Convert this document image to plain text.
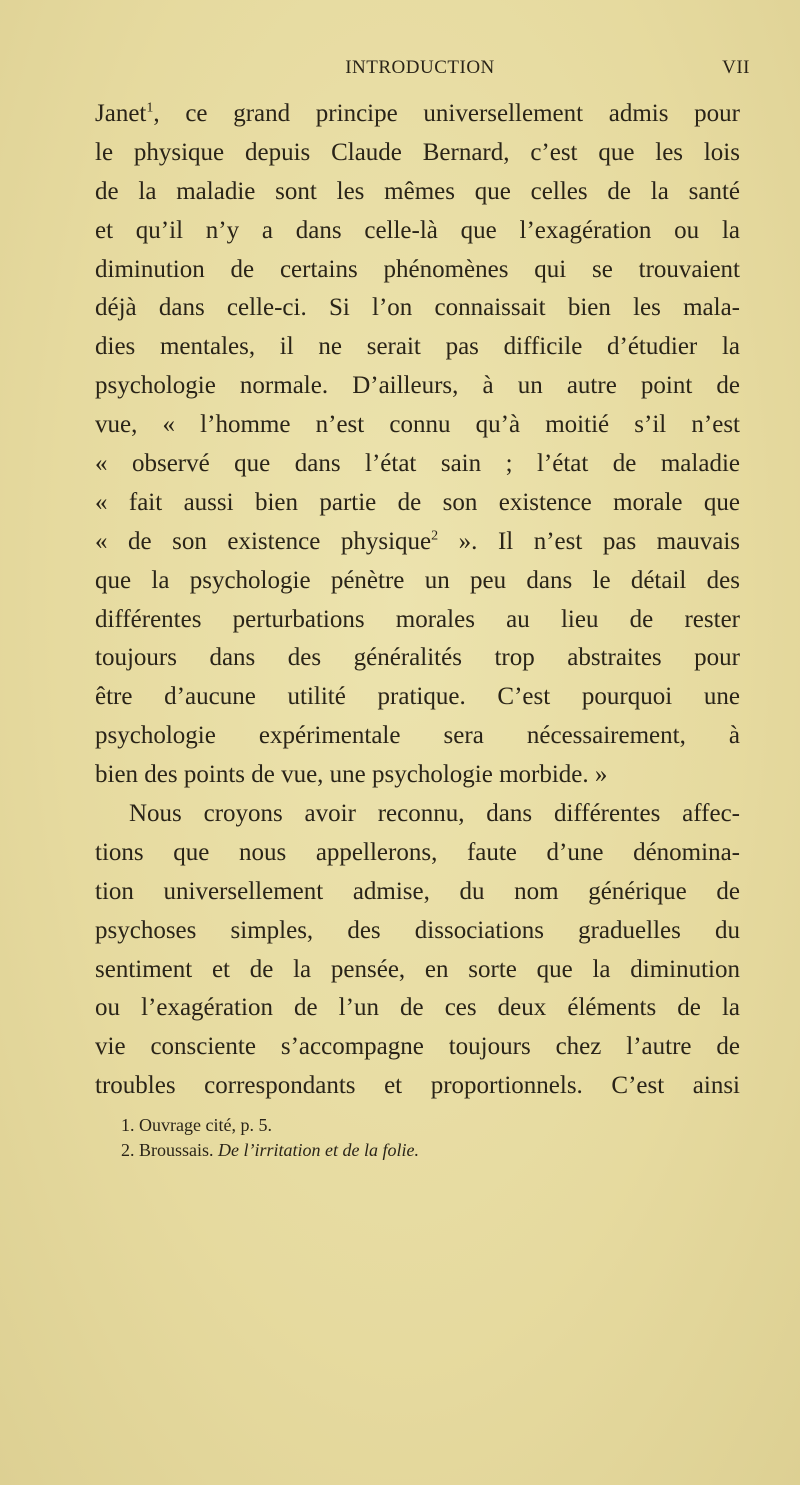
INTRODUCTION	VII
Janet$^1$, ce grand principe universellement admis pour
le physique depuis Claude Bernard, c’est que les lois
de la maladie sont les mêmes que celles de la santé
et qu’il n’y a dans celle-là que l’exagération ou la
diminution de certains phénomènes qui se trouvaient
déjà dans celle-ci. Si l’on connaissait bien les mala-
dies mentales, il ne serait pas difficile d’étudier la
psychologie normale. D’ailleurs, à un autre point de
vue, « l’homme n’est connu qu’à moitié s’il n’est
« observé que dans l’état sain ; l’état de maladie
« fait aussi bien partie de son existence morale que
« de son existence physique$^2$ ». Il n’est pas mauvais
que la psychologie pénètre un peu dans le détail des
différentes perturbations morales au lieu de rester
toujours dans des généralités trop abstraites pour
être d’aucune utilité pratique. C’est pourquoi une
psychologie expérimentale sera nécessairement, à
bien des points de vue, une psychologie morbide. »
Nous croyons avoir reconnu, dans différentes affec-
tions que nous appellerons, faute d’une dénomina-
tion universellement admise, du nom générique de
psychoses simples, des dissociations graduelles du
sentiment et de la pensée, en sorte que la diminution
ou l’exagération de l’un de ces deux éléments de la
vie consciente s’accompagne toujours chez l’autre de
troubles correspondants et proportionnels. C’est ainsi
1. Ouvrage cité, p. 5.
2. Broussais. De l’irritation et de la folie.
